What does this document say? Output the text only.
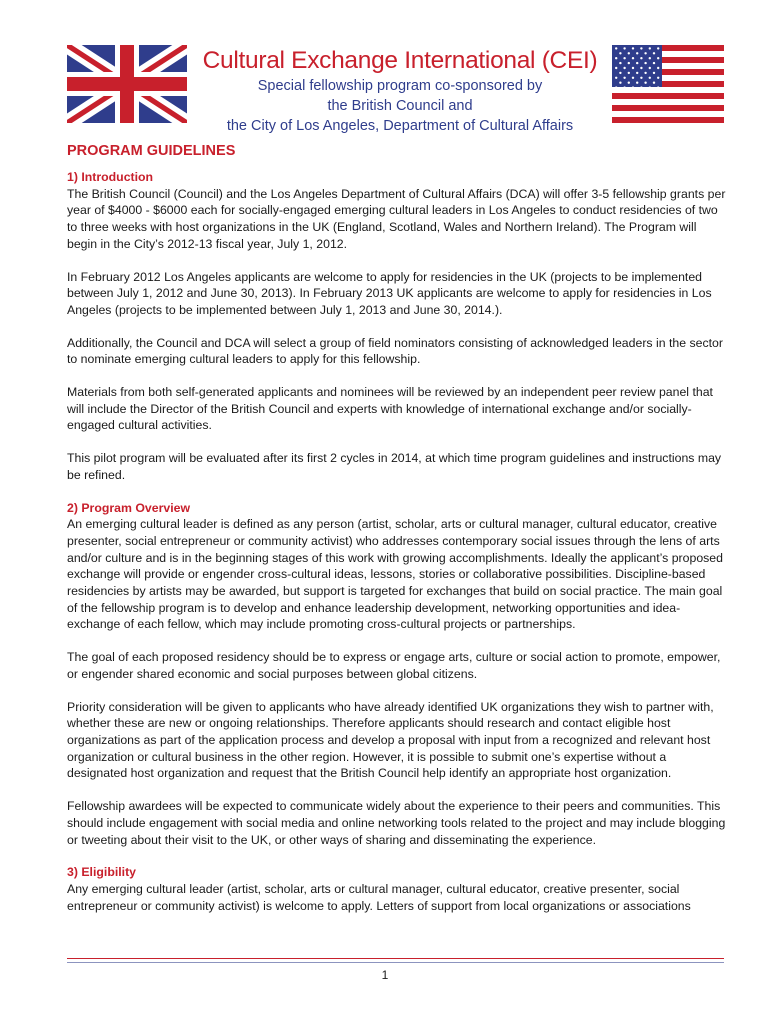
Cultural Exchange International (CEI)
Special fellowship program co-sponsored by
the British Council and
the City of Los Angeles, Department of Cultural Affairs
PROGRAM GUIDELINES
1) Introduction

The British Council (Council) and the Los Angeles Department of Cultural Affairs (DCA) will offer 3-5 fellowship grants per year of $4000 - $6000 each for socially-engaged emerging cultural leaders in Los Angeles to conduct residencies of two to three weeks with host organizations in the UK (England, Scotland, Wales and Northern Ireland). The Program will begin in the City’s 2012-13 fiscal year, July 1, 2012.

In February 2012 Los Angeles applicants are welcome to apply for residencies in the UK (projects to be implemented between July 1, 2012 and June 30, 2013). In February 2013 UK applicants are welcome to apply for residencies in Los Angeles (projects to be implemented between July 1, 2013 and June 30, 2014.).

Additionally, the Council and DCA will select a group of field nominators consisting of acknowledged leaders in the sector to nominate emerging cultural leaders to apply for this fellowship.

Materials from both self-generated applicants and nominees will be reviewed by an independent peer review panel that will include the Director of the British Council and experts with knowledge of international exchange and/or socially-engaged cultural activities.

This pilot program will be evaluated after its first 2 cycles in 2014, at which time program guidelines and instructions may be refined.

2) Program Overview

An emerging cultural leader is defined as any person (artist, scholar, arts or cultural manager, cultural educator, creative presenter, social entrepreneur or community activist) who addresses contemporary social issues through the lens of arts and/or culture and is in the beginning stages of this work with growing accomplishments. Ideally the applicant’s proposed exchange will provide or engender cross-cultural ideas, lessons, stories or collaborative possibilities. Discipline-based residencies by artists may be awarded, but support is targeted for exchanges that build on social practice. The main goal of the fellowship program is to develop and enhance leadership development, networking opportunities and idea-exchange of each fellow, which may include promoting cross-cultural projects or partnerships.

The goal of each proposed residency should be to express or engage arts, culture or social action to promote, empower, or engender shared economic and social purposes between global citizens.

Priority consideration will be given to applicants who have already identified UK organizations they wish to partner with, whether these are new or ongoing relationships. Therefore applicants should research and contact eligible host organizations as part of the application process and develop a proposal with input from a recognized and relevant host organization or cultural business in the other region. However, it is possible to submit one’s expertise without a designated host organization and request that the British Council help identify an appropriate host organization.

Fellowship awardees will be expected to communicate widely about the experience to their peers and communities. This should include engagement with social media and online networking tools related to the project and may include blogging or tweeting about their visit to the UK, or other ways of sharing and disseminating the experience.

3) Eligibility

Any emerging cultural leader (artist, scholar, arts or cultural manager, cultural educator, creative presenter, social entrepreneur or community activist) is welcome to apply. Letters of support from local organizations or associations

1
